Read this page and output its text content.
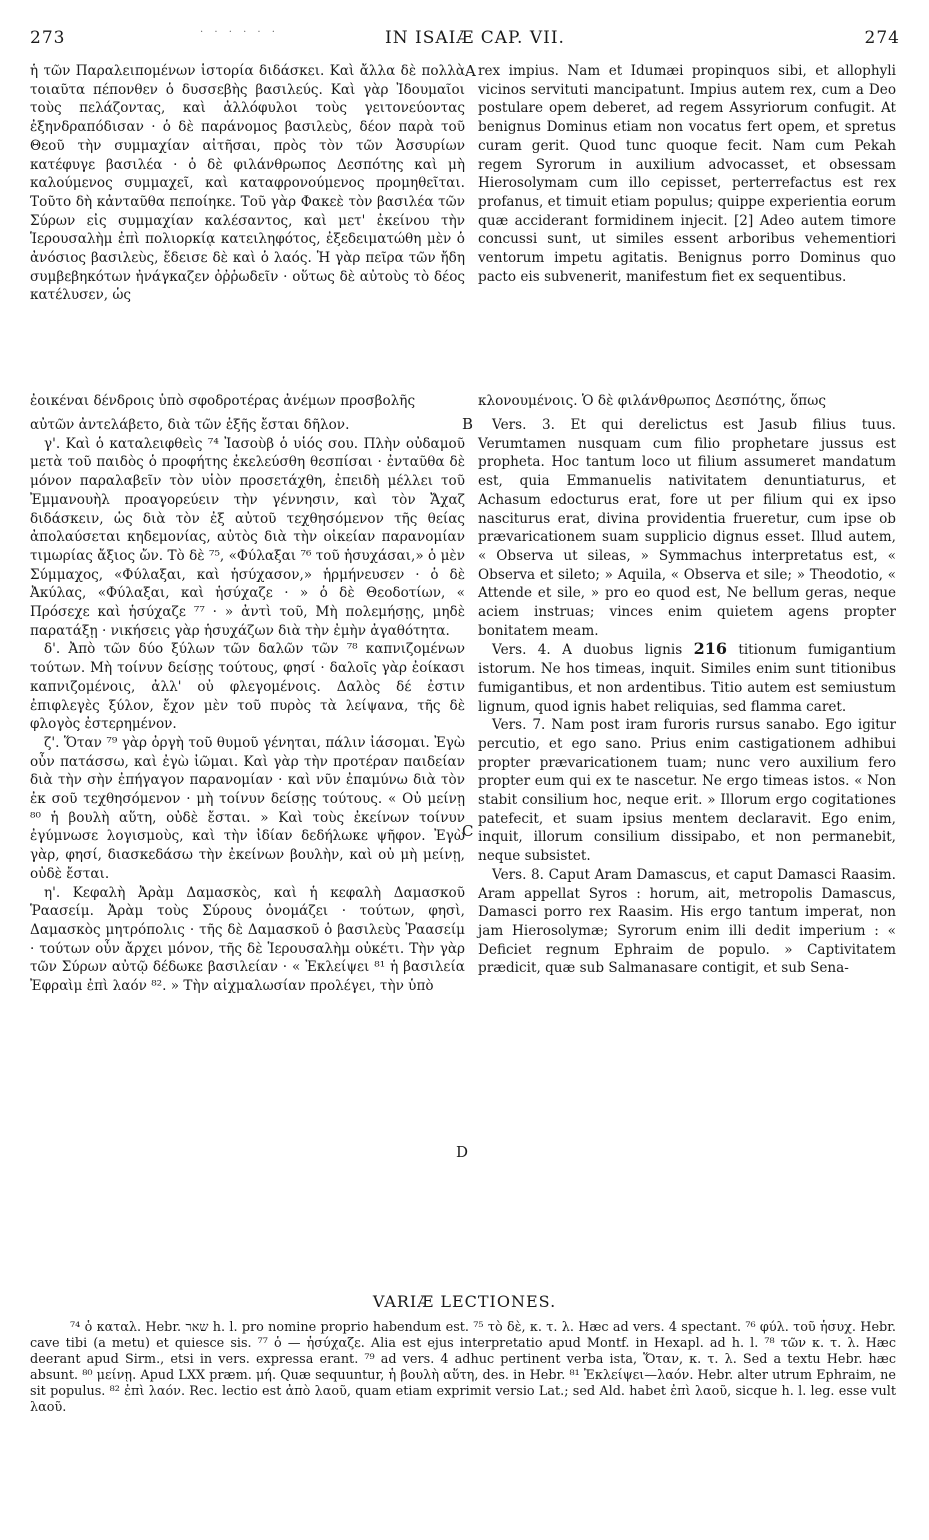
. . . . . .
273	IN ISAIÆ CAP. VII.	274
A
B
C
D

ἡ τῶν Παραλειπομένων ἱστορία διδάσκει. Καὶ ἄλλα δὲ πολλὰ τοιαῦτα πέπονθεν ὁ δυσσεβὴς βασιλεύς. Καὶ γὰρ Ἰδουμαῖοι τοὺς πελάζοντας, καὶ ἀλλόφυλοι τοὺς γειτονεύοντας ἐξηνδραπόδισαν · ὁ δὲ παράνομος βασιλεὺς, δέον παρὰ τοῦ Θεοῦ τὴν συμμαχίαν αἰτῆσαι, πρὸς τὸν τῶν Ἀσσυρίων κατέφυγε βασιλέα · ὁ δὲ φιλάνθρωπος Δεσπότης καὶ μὴ καλούμενος συμμαχεῖ, καὶ καταφρονούμενος προμηθεῖται. Τοῦτο δὴ κἀνταῦθα πεποίηκε. Τοῦ γὰρ Φακεὲ τὸν βασιλέα τῶν Σύρων εἰς συμμαχίαν καλέσαντος, καὶ μετ' ἐκείνου τὴν Ἱερουσαλὴμ ἐπὶ πολιορκίᾳ κατειληφότος, ἐξεδειματώθη μὲν ὁ ἀνόσιος βασιλεὺς, ἔδεισε δὲ καὶ ὁ λαός. Ἡ γὰρ πεῖρα τῶν ἤδη συμβεβηκότων ἠνάγκαζεν ὀῤῥωδεῖν · οὕτως δὲ αὐτοὺς τὸ δέος κατέλυσεν, ὡς

rex impius. Nam et Idumæi propinquos sibi, et allophyli vicinos servituti mancipatunt. Impius autem rex, cum a Deo postulare opem deberet, ad regem Assyriorum confugit. At benignus Dominus etiam non vocatus fert opem, et spretus curam gerit. Quod tunc quoque fecit. Nam cum Pekah regem Syrorum in auxilium advocasset, et obsessam Hierosolymam cum illo cepisset, perterrefactus est rex profanus, et timuit etiam populus; quippe experientia eorum quæ acciderant formidinem injecit. [2] Adeo autem timore concussi sunt, ut similes essent arboribus vehementiori ventorum impetu agitatis. Benignus porro Dominus quo pacto eis subvenerit, manifestum fiet ex sequentibus.

ἐοικέναι δένδροις ὑπὸ σφοδροτέρας ἀνέμων προσβολῆς	κλονουμένοις. Ὁ δὲ φιλάνθρωπος Δεσπότης, ὅπως

αὐτῶν ἀντελάβετο, διὰ τῶν ἑξῆς ἔσται δῆλον.

γ'. Καὶ ὁ καταλειφθεὶς ⁷⁴ Ἰασοὺβ ὁ υἱός σου. Πλὴν οὐδαμοῦ μετὰ τοῦ παιδὸς ὁ προφήτης ἐκελεύσθη θεσπίσαι · ἐνταῦθα δὲ μόνον παραλαβεῖν τὸν υἱὸν προσετάχθη, ἐπειδὴ μέλλει τοῦ Ἐμμανουὴλ προαγορεύειν τὴν γέννησιν, καὶ τὸν Ἄχαζ διδάσκειν, ὡς διὰ τὸν ἐξ αὐτοῦ τεχθησόμενον τῆς θείας ἀπολαύσεται κηδεμονίας, αὐτὸς διὰ τὴν οἰκείαν παρανομίαν τιμωρίας ἄξιος ὤν. Τὸ δὲ ⁷⁵, «Φύλαξαι ⁷⁶ τοῦ ἡσυχάσαι,» ὁ μὲν Σύμμαχος, «Φύλαξαι, καὶ ἡσύχασον,» ἡρμήνευσεν · ὁ δὲ Ἀκύλας, «Φύλαξαι, καὶ ἡσύχαζε · » ὁ δὲ Θεοδοτίων, « Πρόσεχε καὶ ἡσύχαζε ⁷⁷ · » ἀντὶ τοῦ, Μὴ πολεμήσῃς, μηδὲ παρατάξῃ · νικήσεις γὰρ ἡσυχάζων διὰ τὴν ἐμὴν ἀγαθότητα.

δ'. Ἀπὸ τῶν δύο ξύλων τῶν δαλῶν τῶν ⁷⁸ καπνιζομένων τούτων. Μὴ τοίνυν δείσῃς τούτους, φησί · δαλοῖς γὰρ ἐοίκασι καπνιζομένοις, ἀλλ' οὐ φλεγομένοις. Δαλὸς δέ ἐστιν ἐπιφλεγὲς ξύλον, ἔχον μὲν τοῦ πυρὸς τὰ λείψανα, τῆς δὲ φλογὸς ἐστερημένον.

ζ'. Ὅταν ⁷⁹ γὰρ ὀργὴ τοῦ θυμοῦ γένηται, πάλιν ἰάσομαι. Ἐγὼ οὖν πατάσσω, καὶ ἐγὼ ἰῶμαι. Καὶ γὰρ τὴν προτέραν παιδείαν διὰ τὴν σὴν ἐπήγαγον παρανομίαν · καὶ νῦν ἐπαμύνω διὰ τὸν ἐκ σοῦ τεχθησόμενον · μὴ τοίνυν δείσῃς τούτους. « Οὐ μείνῃ ⁸⁰ ἡ βουλὴ αὕτη, οὐδὲ ἔσται. » Καὶ τοὺς ἐκείνων τοίνυν ἐγύμνωσε λογισμοὺς, καὶ τὴν ἰδίαν δεδήλωκε ψῆφον. Ἐγὼ γὰρ, φησί, διασκεδάσω τὴν ἐκείνων βουλὴν, καὶ οὐ μὴ μείνῃ, οὐδὲ ἔσται.

η'. Κεφαλὴ Ἀρὰμ Δαμασκὸς, καὶ ἡ κεφαλὴ Δαμασκοῦ Ῥαασείμ. Ἀρὰμ τοὺς Σύρους ὀνομάζει · τούτων, φησὶ, Δαμασκὸς μητρόπολις · τῆς δὲ Δαμασκοῦ ὁ βασιλεὺς Ῥαασείμ · τούτων οὖν ἄρχει μόνον, τῆς δὲ Ἱερουσαλὴμ οὐκέτι. Τὴν γὰρ τῶν Σύρων αὐτῷ δέδωκε βασιλείαν · « Ἐκλείψει ⁸¹ ἡ βασιλεία Ἐφραὶμ ἐπὶ λαόν ⁸². » Τὴν αἰχμαλωσίαν προλέγει, τὴν ὑπὸ

Vers. 3. Et qui derelictus est Jasub filius tuus. Verumtamen nusquam cum filio prophetare jussus est propheta. Hoc tantum loco ut filium assumeret mandatum est, quia Emmanuelis nativitatem denuntiaturus, et Achasum edocturus erat, fore ut per filium qui ex ipso nasciturus erat, divina providentia frueretur, cum ipse ob prævaricationem suam supplicio dignus esset. Illud autem, « Observa ut sileas, » Symmachus interpretatus est, « Observa et sileto; » Aquila, « Observa et sile; » Theodotio, « Attende et sile, » pro eo quod est, Ne bellum geras, neque aciem instruas; vinces enim quietem agens propter bonitatem meam.

Vers. 4. A duobus lignis 216 titionum fumigantium istorum. Ne hos timeas, inquit. Similes enim sunt titionibus fumigantibus, et non ardentibus. Titio autem est semiustum lignum, quod ignis habet reliquias, sed flamma caret.

Vers. 7. Nam post iram furoris rursus sanabo. Ego igitur percutio, et ego sano. Prius enim castigationem adhibui propter prævaricationem tuam; nunc vero auxilium fero propter eum qui ex te nascetur. Ne ergo timeas istos. « Non stabit consilium hoc, neque erit. » Illorum ergo cogitationes patefecit, et suam ipsius mentem declaravit. Ego enim, inquit, illorum consilium dissipabo, et non permanebit, neque subsistet.

Vers. 8. Caput Aram Damascus, et caput Damasci Raasim. Aram appellat Syros : horum, ait, metropolis Damascus, Damasci porro rex Raasim. His ergo tantum imperat, non jam Hierosolymæ; Syrorum enim illi dedit imperium : « Deficiet regnum Ephraim de populo. » Captivitatem prædicit, quæ sub Salmanasare contigit, et sub Sena-

VARIÆ LECTIONES.

⁷⁴ ὁ καταλ. Hebr. שאר h. l. pro nomine proprio habendum est. ⁷⁵ τὸ δὲ, κ. τ. λ. Hæc ad vers. 4 spectant. ⁷⁶ φύλ. τοῦ ἡσυχ. Hebr. cave tibi (a metu) et quiesce sis. ⁷⁷ ὁ — ἡσύχαζε. Alia est ejus interpretatio apud Montf. in Hexapl. ad h. l. ⁷⁸ τῶν κ. τ. λ. Hæc deerant apud Sirm., etsi in vers. expressa erant. ⁷⁹ ad vers. 4 adhuc pertinent verba ista, Ὅταν, κ. τ. λ. Sed a textu Hebr. hæc absunt. ⁸⁰ μείνῃ. Apud LXX præm. μή. Quæ sequuntur, ἡ βουλὴ αὕτη, des. in Hebr. ⁸¹ Ἐκλείψει—λαόν. Hebr. alter utrum Ephraim, ne sit populus. ⁸² ἐπὶ λαόν. Rec. lectio est ἀπὸ λαοῦ, quam etiam exprimit versio Lat.; sed Ald. habet ἐπὶ λαοῦ, sicque h. l. leg. esse vult λαοῦ.
